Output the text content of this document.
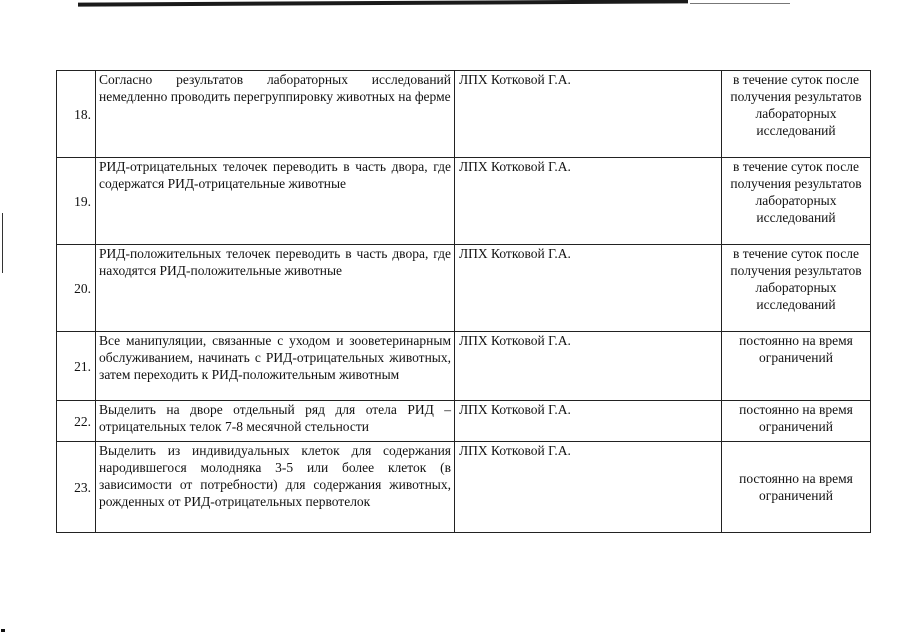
18.	Согласно результатов лабораторных исследований немедленно проводить перегруппировку животных на ферме	ЛПХ Котковой Г.А.	в течение суток после получения результатов лабораторных исследований
19.	РИД-отрицательных телочек переводить в часть двора, где содержатся РИД-отрицательные животные	ЛПХ Котковой Г.А.	в течение суток после получения результатов лабораторных исследований
20.	РИД-положительных телочек переводить в часть двора, где находятся РИД-положительные животные	ЛПХ Котковой Г.А.	в течение суток после получения результатов лабораторных исследований
21.	Все манипуляции, связанные с уходом и зооветеринарным обслуживанием, начинать с РИД-отрицательных животных, затем переходить к РИД-положительным животным	ЛПХ Котковой Г.А.	постоянно на время ограничений
22.	Выделить на дворе отдельный ряд для отела РИД – отрицательных телок 7-8 месячной стельности	ЛПХ Котковой Г.А.	постоянно на время ограничений
23.	Выделить из индивидуальных клеток для содержания народившегося молодняка 3-5 или более клеток (в зависимости от потребности) для содержания животных, рожденных от РИД-отрицательных первотелок	ЛПХ Котковой Г.А.	постоянно на время ограничений
